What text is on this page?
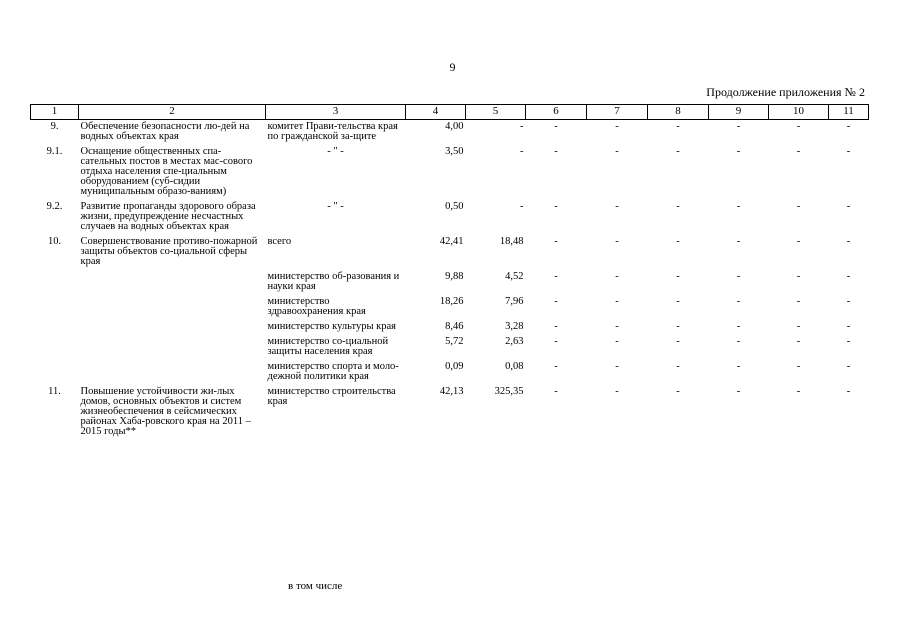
9
Продолжение приложения № 2
1	2	3	4	5	6	7	8	9	10	11
9.	Обеспечение безопасности лю-дей на водных объектах края	комитет Прави-тельства края по гражданской за-щите	4,00	-	-	-	-	-	-	-
9.1.	Оснащение общественных спа-сательных постов в местах мас-сового отдыха населения спе-циальным оборудованием (суб-сидии муниципальным образо-ваниям)	- " -	3,50	-	-	-	-	-	-	-
9.2.	Развитие пропаганды здорового образа жизни, предупреждение несчастных случаев на водных объектах края	- " -	0,50	-	-	-	-	-	-	-
10.	Совершенствование противо-пожарной защиты объектов со-циальной сферы края	всего	42,41	18,48	-	-	-	-	-	-
		министерство об-разования и науки края	9,88	4,52	-	-	-	-	-	-
		министерство здравоохранения края	18,26	7,96	-	-	-	-	-	-
		министерство культуры края	8,46	3,28	-	-	-	-	-	-
		министерство со-циальной защиты населения края	5,72	2,63	-	-	-	-	-	-
		министерство спорта и моло-дежной политики края	0,09	0,08	-	-	-	-	-	-
11.	Повышение устойчивости жи-лых домов, основных объектов и систем жизнеобеспечения в сейсмических районах Хаба-ровского края на 2011 – 2015 годы**	министерство строительства края	42,13	325,35	-	-	-	-	-	-
в том числе
